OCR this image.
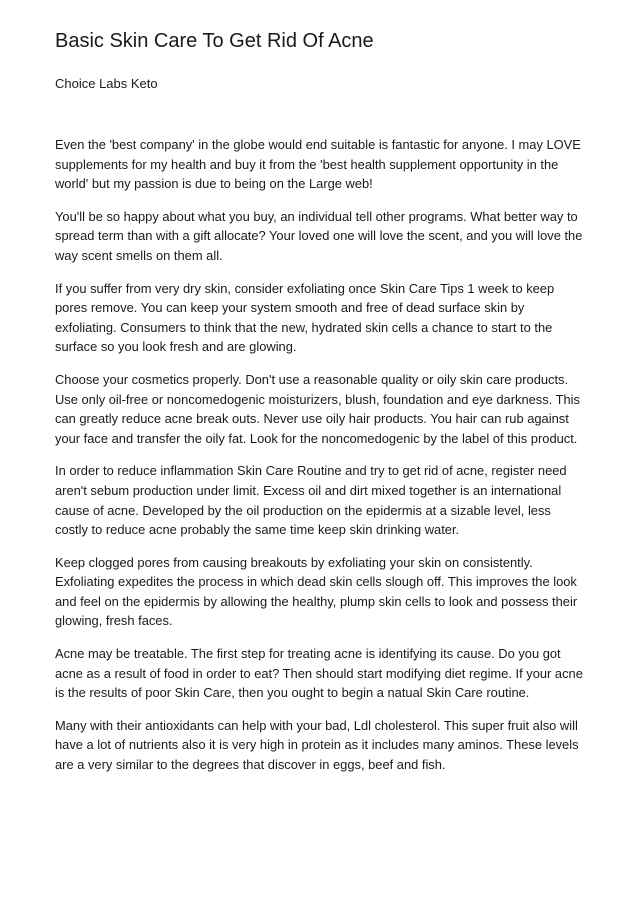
Basic Skin Care To Get Rid Of Acne

Choice Labs Keto

Even the 'best company' in the globe would end suitable is fantastic for anyone. I may LOVE
supplements for my health and buy it from the 'best health supplement opportunity in the
world' but my passion is due to being on the Large web!

You'll be so happy about what you buy, an individual tell other programs. What better way to
spread term than with a gift allocate? Your loved one will love the scent, and you will love the
way scent smells on them all.

If you suffer from very dry skin, consider exfoliating once Skin Care Tips 1 week to keep
pores remove. You can keep your system smooth and free of dead surface skin by
exfoliating. Consumers to think that the new, hydrated skin cells a chance to start to the
surface so you look fresh and are glowing.

Choose your cosmetics properly. Don't use a reasonable quality or oily skin care products.
Use only oil-free or noncomedogenic moisturizers, blush, foundation and eye darkness. This
can greatly reduce acne break outs. Never use oily hair products. You hair can rub against
your face and transfer the oily fat. Look for the noncomedogenic by the label of this product.

In order to reduce inflammation Skin Care Routine and try to get rid of acne, register need
aren't sebum production under limit. Excess oil and dirt mixed together is an international
cause of acne. Developed by the oil production on the epidermis at a sizable level, less
costly to reduce acne probably the same time keep skin drinking water.

Keep clogged pores from causing breakouts by exfoliating your skin on consistently.
Exfoliating expedites the process in which dead skin cells slough off. This improves the look
and feel on the epidermis by allowing the healthy, plump skin cells to look and possess their
glowing, fresh faces.

Acne may be treatable. The first step for treating acne is identifying its cause. Do you got
acne as a result of food in order to eat? Then should start modifying diet regime. If your acne
is the results of poor Skin Care, then you ought to begin a natual Skin Care routine.

Many with their antioxidants can help with your bad, Ldl cholesterol. This super fruit also will
have a lot of nutrients also it is very high in protein as it includes many aminos. These levels
are a very similar to the degrees that discover in eggs, beef and fish.
